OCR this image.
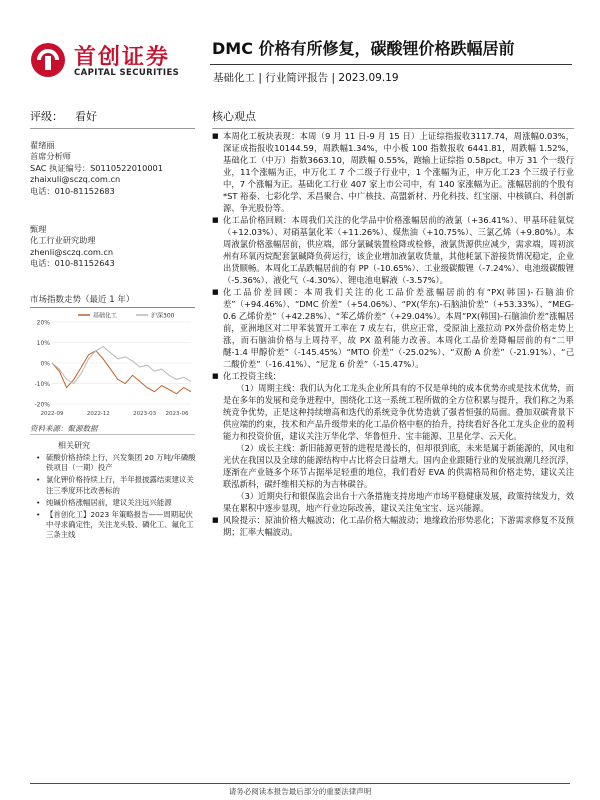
首创证券
CAPITAL SECURITIES
DMC 价格有所修复，碳酸锂价格跌幅居前
基础化工 | 行业简评报告 | 2023.09.19
评级： 看好
翟绪丽
首席分析师
SAC 执证编号：S0110522010001
zhaixuli@sczq.com.cn
电话：010-81152683
甄理
化工行业研究助理
zhenli@sczq.com.cn
电话：010-81152643
市场指数走势（最近 1 年）
20%
10%
0%
-10%
-20%
2022-09	2022-12	2023-03 2023-06
基础化工	沪深300
资料来源：聚源数据
相关研究
• 硫酸价格持续上行，兴发集团 20 万吨/年磷酸铁项目（一期）投产
• 氯化钾价格持续上行，半年报披露结束建议关注三季度环比改善标的
• 纯碱价格涨幅居前，建议关注远兴能源
• 【首创化工】2023 年策略报告——周期起伏中寻求确定性，关注龙头股、磷化工、氟化工三条主线
核心观点
■ 本周化工板块表现：本周（9 月 11 日-9 月 15 日）上证综指报收3117.74，周涨幅0.03%，深证成指报收10144.59，周跌幅1.34%，中小板 100 指数报收 6441.81，周跌幅 1.52%，基础化工（中万）指数3663.10，周跌幅 0.55%，跑输上证综指 0.58pct。申万 31 个一级行业，11个涨幅为正，申万化工 7 个二级子行业中，1 个涨幅为正，申万化工23 个三级子行业中，7 个涨幅为正。基础化工行业 407 家上市公司中，有 140 家涨幅为正。涨幅居前的个股有*ST 裕泰、七彩化学、禾昌聚合、中广核技、高盟新材、丹化科技、红宝丽、中核镇白、科创新源、争光股份等。
■ 化工品价格回顾：本周我们关注的化学品中价格涨幅居前的液氯（+36.41%）、甲基环硅氧烷（+12.03%）、对硝基氯化苯（+11.26%）、煤焦油（+10.75%）、三氯乙烯（+9.80%）。本周液氯价格涨幅居前，供应端，部分氯碱装置检降或检修，液氯货源供应减少，需求端，周初滨州有环氧丙烷配套氯碱降负荷运行，该企业增加液氯收货量，其他耗氯下游接货情况稳定，企业出货顺畅。本周化工品跌幅居前的有 PP（-10.65%）、工业级碳酸锂（-7.24%）、电池级碳酸锂（-5.36%）、液化气（-4.30%）、锂电池电解液（-3.57%）。
■ 化工品价差回顾：本周我们关注的化工品价差涨幅居前的有“PX(韩国)-石脑油价差”（+94.46%）、“DMC 价差”（+54.06%）、“PX(华东)-石脑油价差”（+53.33%）、“MEG-0.6 乙烯价差”（+42.28%）、“苯乙烯价差”（+29.04%）。本周“PX(韩国)-石脑油价差”涨幅居前，亚洲地区对二甲苯装置开工率在 7 成左右，供应正常，受原油上涨拉动 PX外盘价格走势上涨，而石脑油价格与上周持平，故 PX 盈利能力改善。本周化工品价差降幅居前的有“二甲醚-1.4 甲醇价差”（-145.45%）“MTO 价差”（-25.02%）、“双酚 A 价差”（-21.91%）、“己二酸价差”（-16.41%）、“尼龙 6 价差”（-15.47%）。
■ 化工投资主线：
（1）周期主线：我们认为化工龙头企业所具有的不仅是单纯的成本优势亦或是技术优势，而是在多年的发展和竞争进程中，围绕化工这一系统工程所做的全方位积累与提升，我们称之为系统竞争优势，正是这种持续增高和迭代的系统竞争优势造就了强者恒强的局面。叠加双碳背景下供应端的约束，技术和产品升级带来的化工品价格中枢的抬升，持续看好各化工龙头企业的盈利能力和投资价值，建议关注万华化学、华鲁恒升、宝丰能源、卫星化学、云天化。
（2）成长主线：新旧能源更替的进程是漫长的，但却很到底，未来是属于新能源的，风电和光伏在我国以及全球的能源结构中占比将会日益增大。国内企业跟随行业的发展浪潮几经沉浮，逐渐在产业链多个环节占据举足轻重的地位，我们看好 EVA 的供需格局和价格走势，建议关注联泓新科，碳纤维相关标的为吉林碳谷。
（3）近期央行和银保监会出台十六条措施支持房地产市场平稳健康发展，政策持续发力，效果在累积中逐步显现，地产行业边际改善，建议关注兔宝宝、远兴能源。
■ 风险提示：原油价格大幅波动；化工品价格大幅波动；地缘政治形势恶化；下游需求修复不及预期；汇率大幅波动。
请务必阅读本报告最后部分的重要法律声明
